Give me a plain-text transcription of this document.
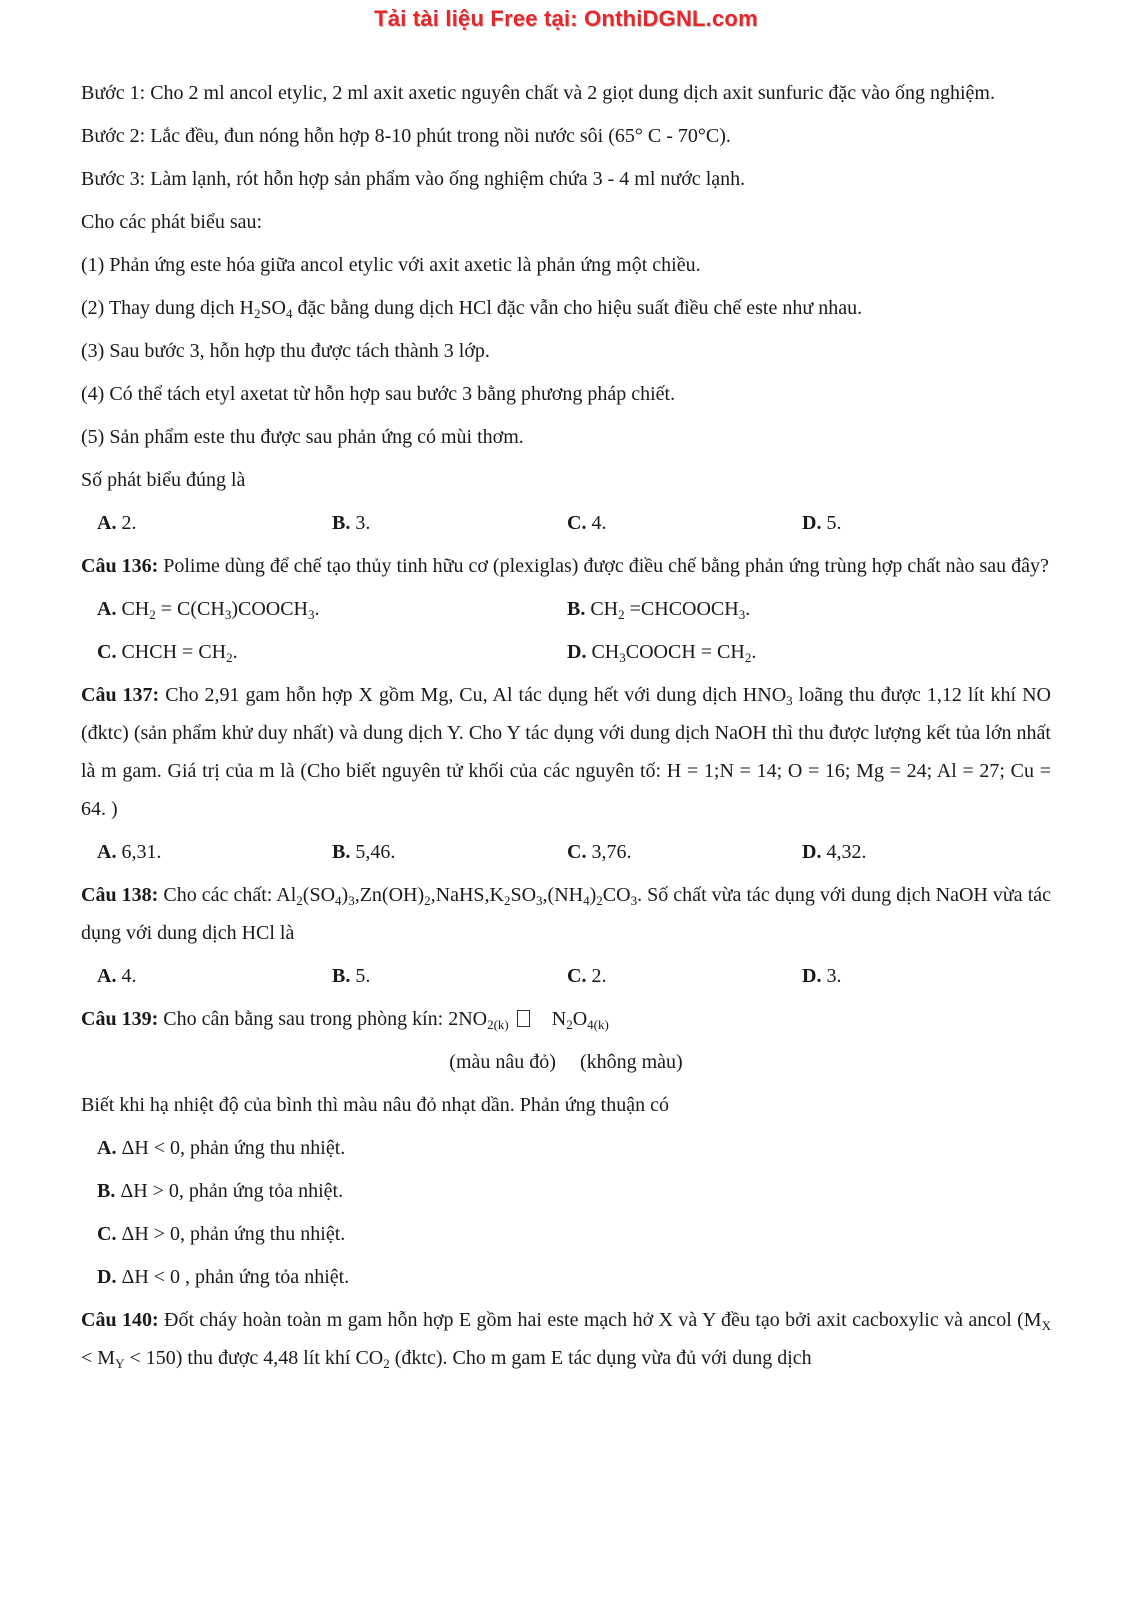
Tải tài liệu Free tại: OnthiDGNL.com
Bước 1: Cho 2 ml ancol etylic, 2 ml axit axetic nguyên chất và 2 giọt dung dịch axit sunfuric đặc vào ống nghiệm.
Bước 2: Lắc đều, đun nóng hỗn hợp 8-10 phút trong nồi nước sôi (65° C - 70°C).
Bước 3: Làm lạnh, rót hỗn hợp sản phẩm vào ống nghiệm chứa 3 - 4 ml nước lạnh.
Cho các phát biểu sau:
(1) Phản ứng este hóa giữa ancol etylic với axit axetic là phản ứng một chiều.
(2) Thay dung dịch $H_2SO_4$ đặc bằng dung dịch HCl đặc vẫn cho hiệu suất điều chế este như nhau.
(3) Sau bước 3, hỗn hợp thu được tách thành 3 lớp.
(4) Có thể tách etyl axetat từ hỗn hợp sau bước 3 bằng phương pháp chiết.
(5) Sản phẩm este thu được sau phản ứng có mùi thơm.
Số phát biểu đúng là
A. 2.	B. 3.	C. 4.	D. 5.
Câu 136: Polime dùng để chế tạo thủy tinh hữu cơ (plexiglas) được điều chế bằng phản ứng trùng hợp chất nào sau đây?
A. $CH_2$ = $C(CH_3)COOCH_3$.	B. $CH_2$ $=CHCOOCH_3$.
C. CHCH = $CH_2$.	D. $CH_3COOCH = CH_2$.
Câu 137: Cho 2,91 gam hỗn hợp X gồm Mg, Cu, Al tác dụng hết với dung dịch $HNO_3$ loãng thu được 1,12 lít khí NO (đktc) (sản phẩm khử duy nhất) và dung dịch Y. Cho Y tác dụng với dung dịch NaOH thì thu được lượng kết tủa lớn nhất là m gam. Giá trị của m là (Cho biết nguyên tử khối của các nguyên tố: H = 1;N = 14; O = 16; Mg = 24; Al = 27; Cu = 64. )
A. 6,31.	B. 5,46.	C. 3,76.	D. 4,32.
Câu 138: Cho các chất: $Al_2(SO_4)_3,Zn(OH)_2,NaHS,K_2SO_3,(NH_4)_2CO_3$. Số chất vừa tác dụng với dung dịch NaOH vừa tác dụng với dung dịch HCl là
A. 4.	B. 5.	C. 2.	D. 3.
Câu 139: Cho cân bằng sau trong phòng kín: $2NO_{2(k)}$ $N_2O_{4(k)}$
(màu nâu đỏ) (không màu)
Biết khi hạ nhiệt độ của bình thì màu nâu đỏ nhạt dần. Phản ứng thuận có
A. ΔH < 0, phản ứng thu nhiệt.
B. ΔH > 0, phản ứng tỏa nhiệt.
C. ΔH > 0, phản ứng thu nhiệt.
D. ΔH < 0 , phản ứng tỏa nhiệt.
Câu 140: Đốt cháy hoàn toàn m gam hỗn hợp E gồm hai este mạch hở X và Y đều tạo bởi axit cacboxylic và ancol $(M_X < M_Y < 150)$ thu được 4,48 lít khí $CO_2$ (đktc). Cho m gam E tác dụng vừa đủ với dung dịch
